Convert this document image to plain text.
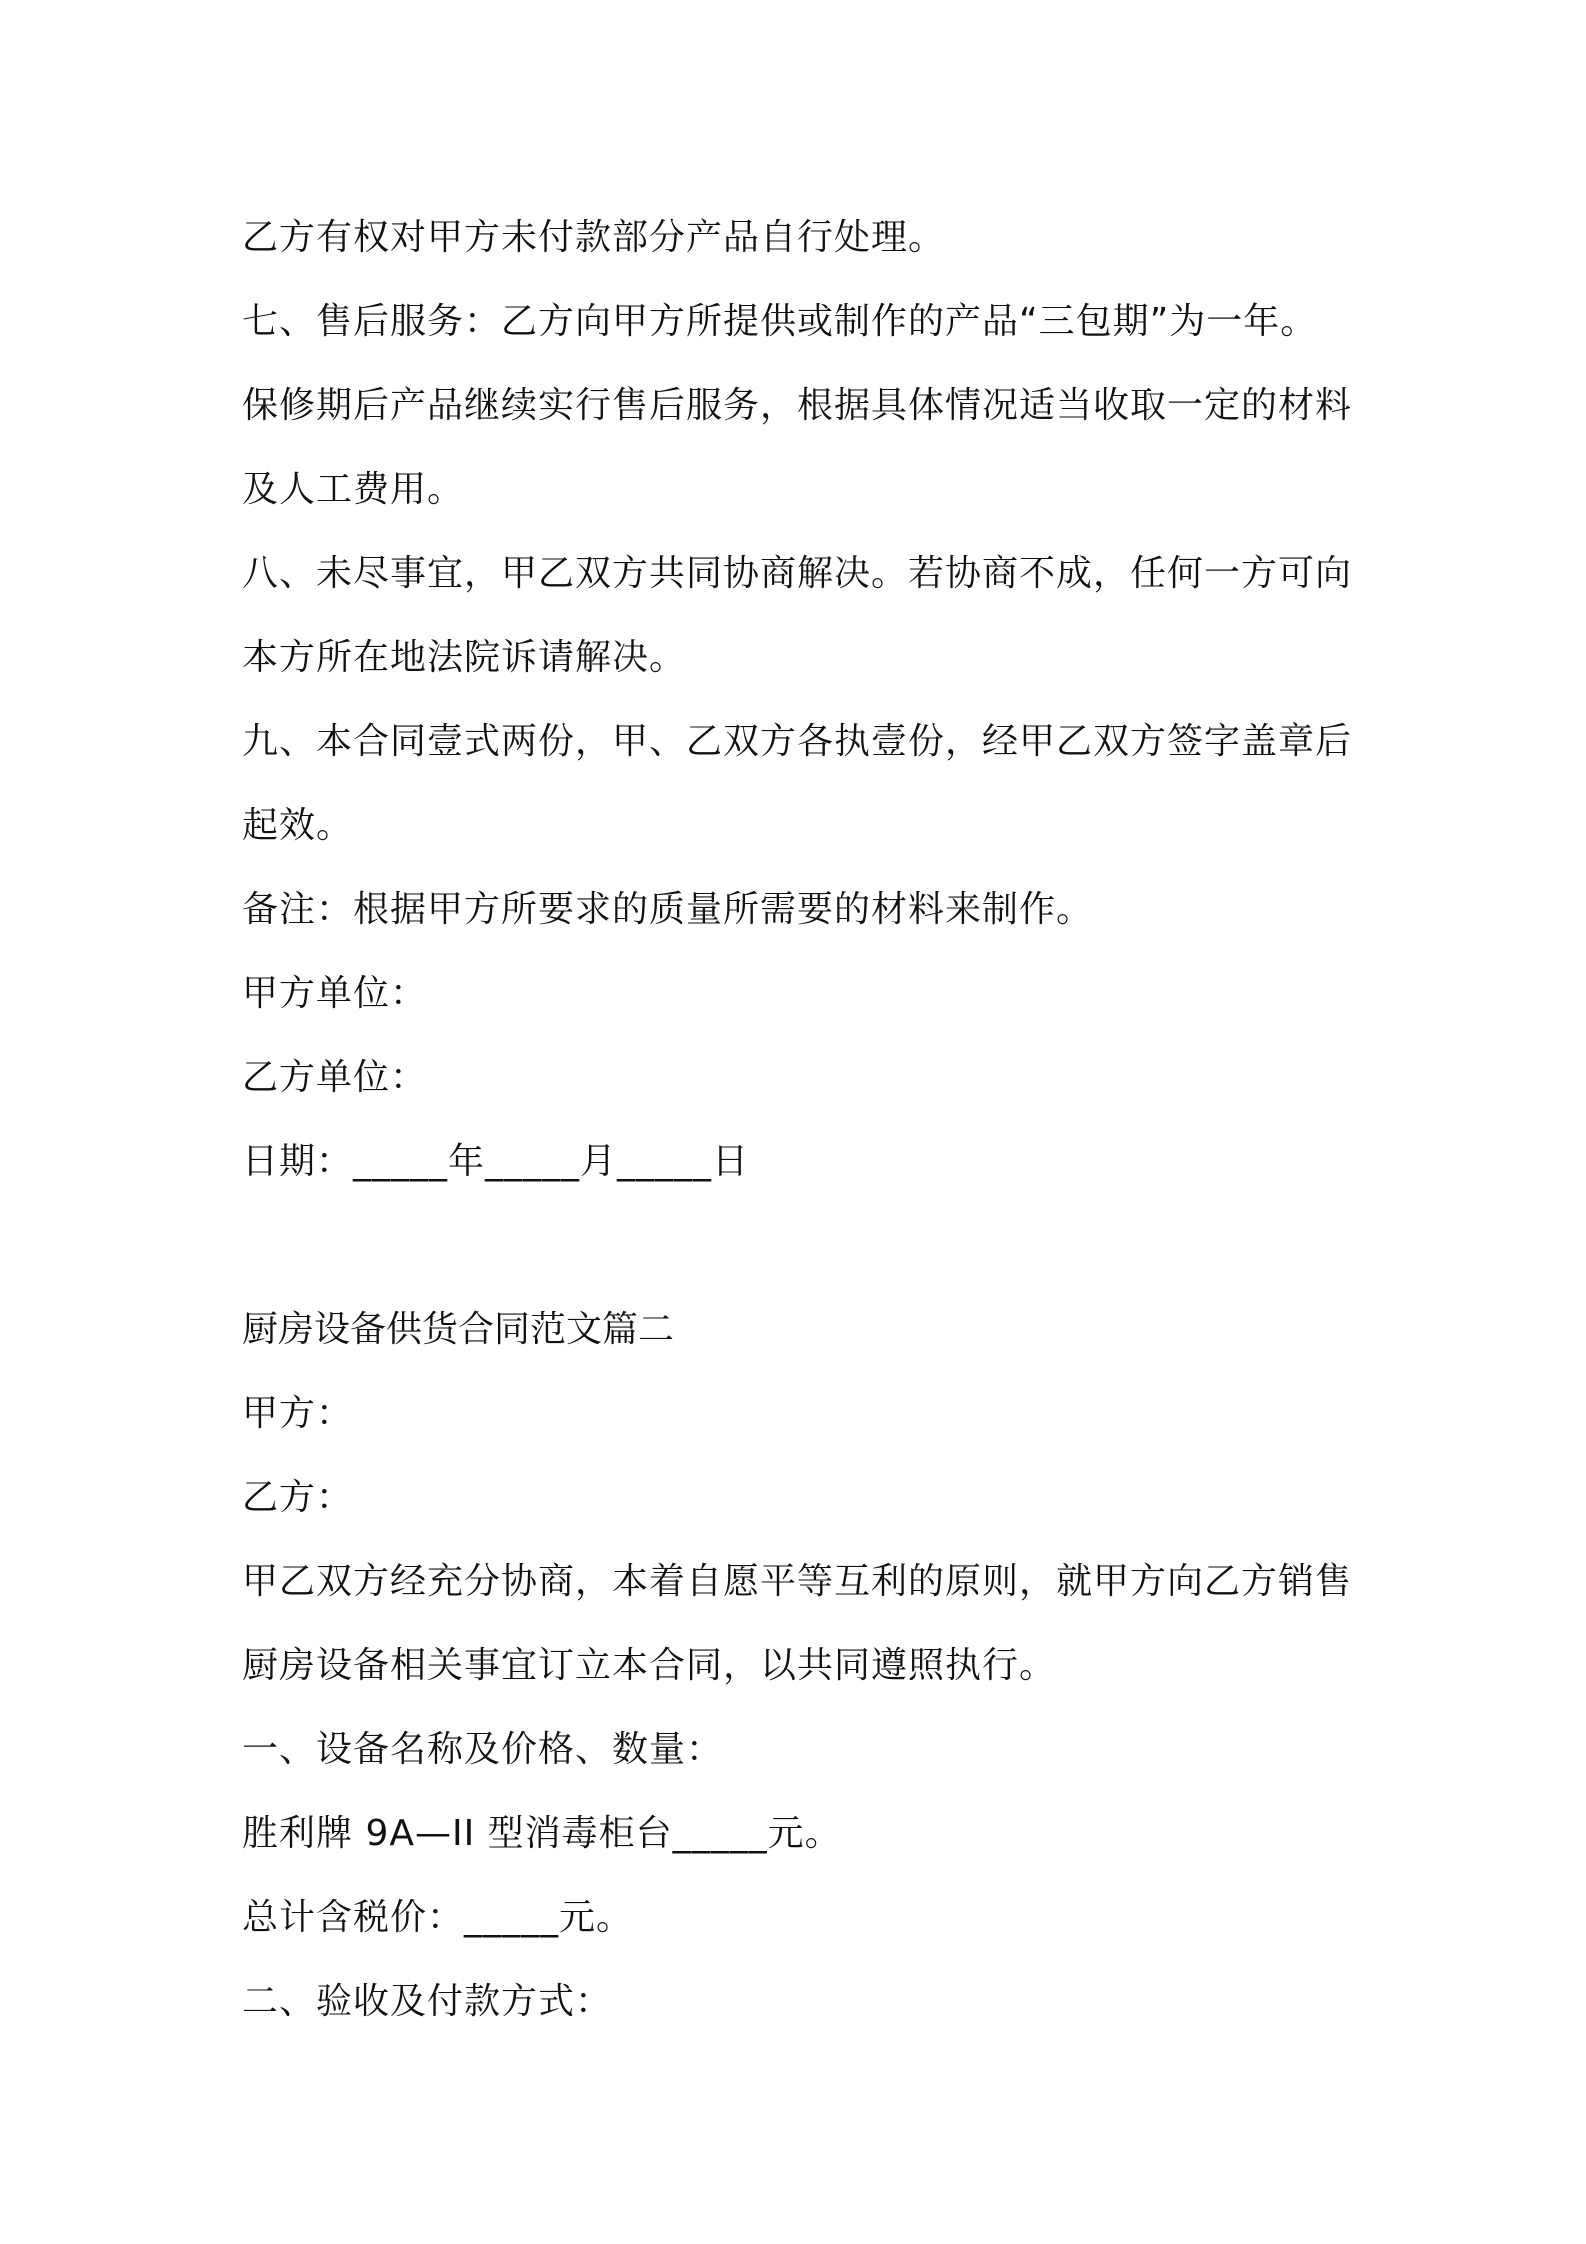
乙方有权对甲方未付款部分产品自行处理。
七、售后服务：乙方向甲方所提供或制作的产品“三包期”为一年。
保修期后产品继续实行售后服务，根据具体情况适当收取一定的材料
及人工费用。
八、未尽事宜，甲乙双方共同协商解决。若协商不成，任何一方可向
本方所在地法院诉请解决。
九、本合同壹式两份，甲、乙双方各执壹份，经甲乙双方签字盖章后
起效。
备注：根据甲方所要求的质量所需要的材料来制作。
甲方单位：
乙方单位：
日期：_____年_____月_____日
厨房设备供货合同范文篇二
甲方：
乙方：
甲乙双方经充分协商，本着自愿平等互利的原则，就甲方向乙方销售
厨房设备相关事宜订立本合同，以共同遵照执行。
一、设备名称及价格、数量：
胜利牌 9A—II 型消毒柜台_____元。
总计含税价：_____元。
二、验收及付款方式：
